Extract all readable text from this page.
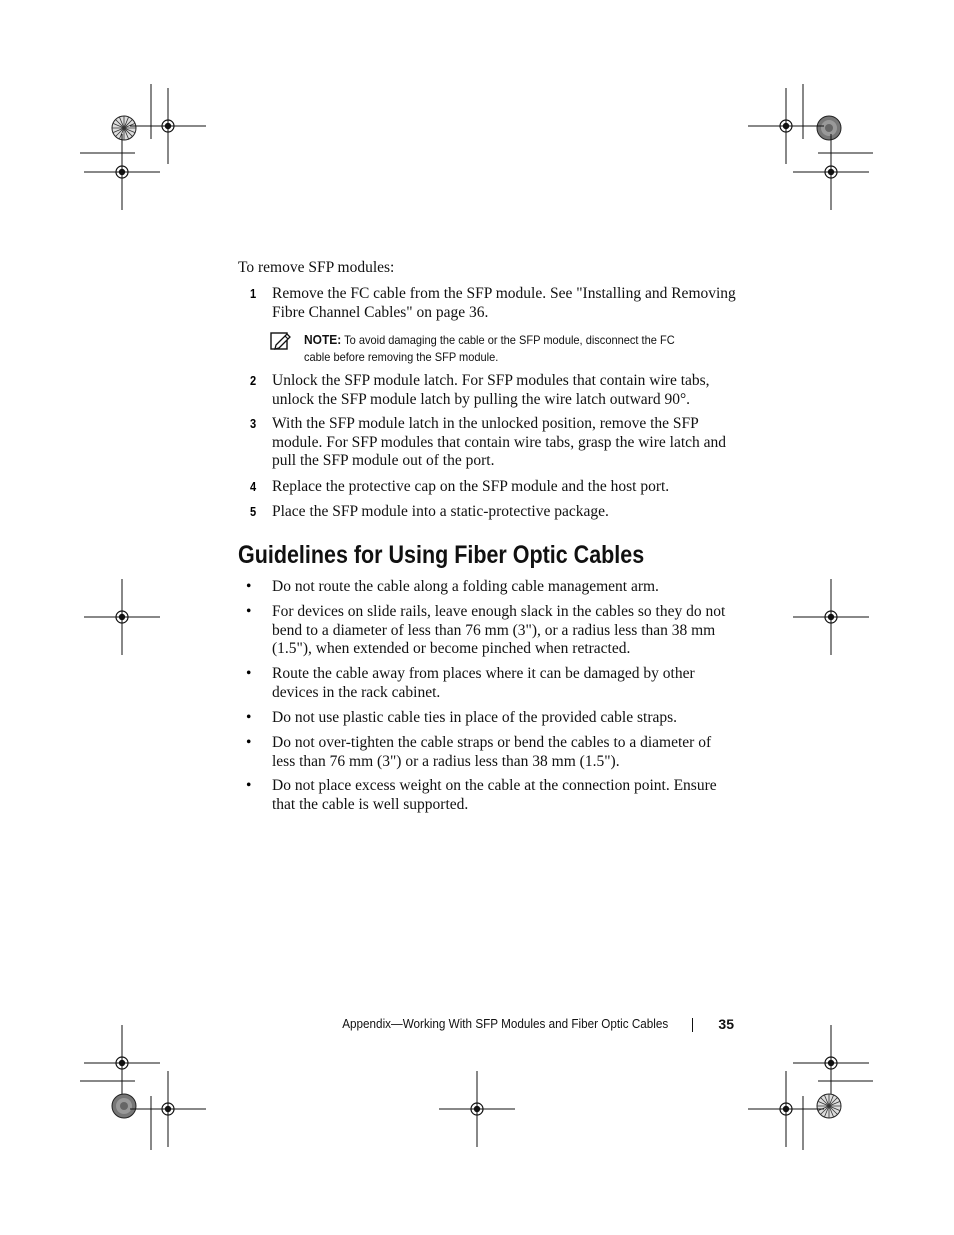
To remove SFP modules:
1	Remove the FC cable from the SFP module. See "Installing and Removing
Fibre Channel Cables" on page 36.
NOTE: To avoid damaging the cable or the SFP module, disconnect the FC
cable before removing the SFP module.
2	Unlock the SFP module latch. For SFP modules that contain wire tabs,
unlock the SFP module latch by pulling the wire latch outward 90°.
3	With the SFP module latch in the unlocked position, remove the SFP
module. For SFP modules that contain wire tabs, grasp the wire latch and
pull the SFP module out of the port.
4	Replace the protective cap on the SFP module and the host port.
5	Place the SFP module into a static-protective package.
Guidelines for Using Fiber Optic Cables
• Do not route the cable along a folding cable management arm.
• For devices on slide rails, leave enough slack in the cables so they do not
bend to a diameter of less than 76 mm (3"), or a radius less than 38 mm
(1.5"), when extended or become pinched when retracted.
• Route the cable away from places where it can be damaged by other
devices in the rack cabinet.
• Do not use plastic cable ties in place of the provided cable straps.
• Do not over-tighten the cable straps or bend the cables to a diameter of
less than 76 mm (3") or a radius less than 38 mm (1.5").
• Do not place excess weight on the cable at the connection point. Ensure
that the cable is well supported.
Appendix—Working With SFP Modules and Fiber Optic Cables	35
